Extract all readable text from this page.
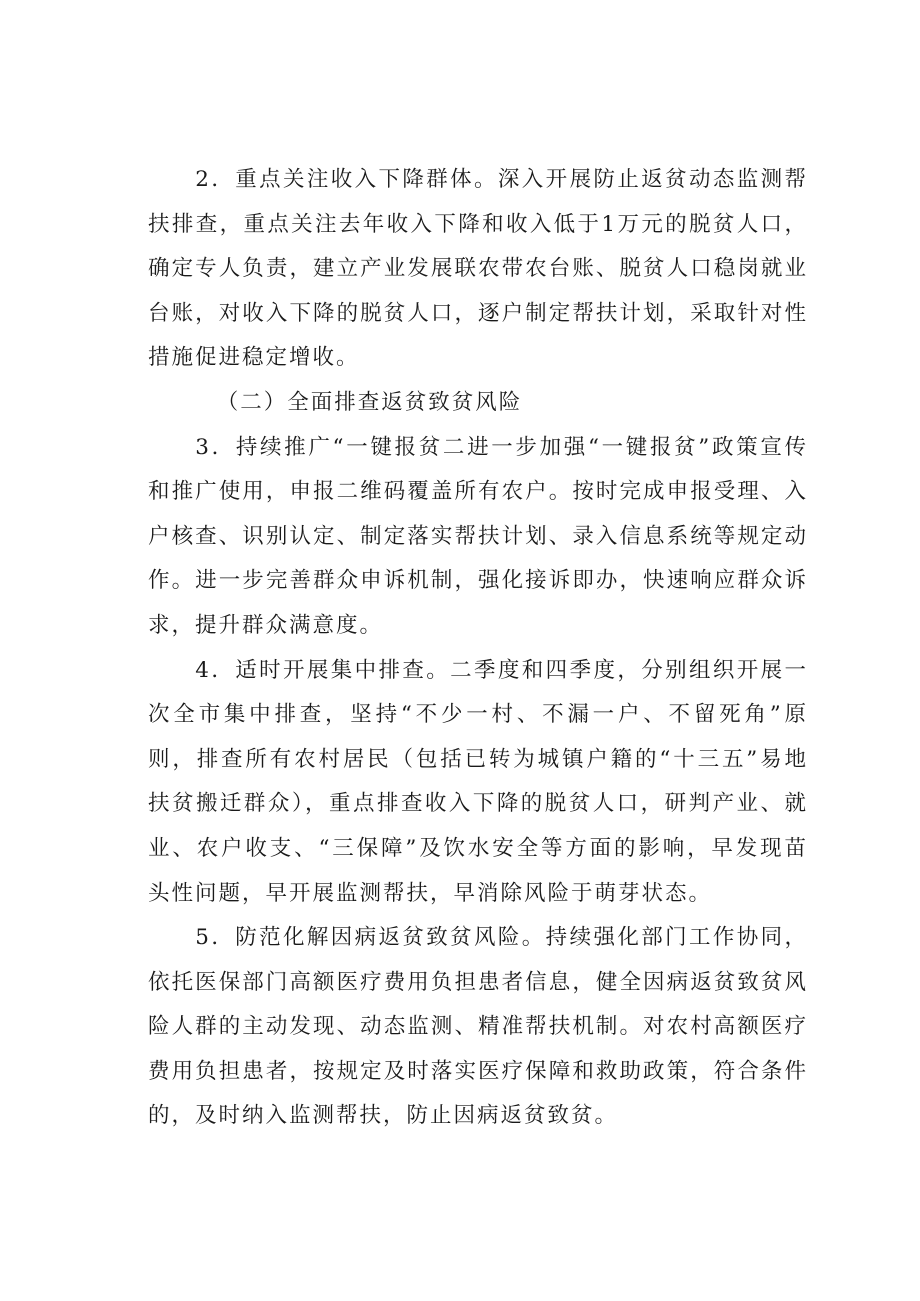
2．重点关注收入下降群体。深入开展防止返贫动态监测帮扶排查，重点关注去年收入下降和收入低于1万元的脱贫人口，确定专人负责，建立产业发展联农带农台账、脱贫人口稳岗就业台账，对收入下降的脱贫人口，逐户制定帮扶计划，采取针对性措施促进稳定增收。

（二）全面排查返贫致贫风险

3．持续推广“一键报贫二进一步加强“一键报贫”政策宣传和推广使用，申报二维码覆盖所有农户。按时完成申报受理、入户核查、识别认定、制定落实帮扶计划、录入信息系统等规定动作。进一步完善群众申诉机制，强化接诉即办，快速响应群众诉求，提升群众满意度。

4．适时开展集中排查。二季度和四季度，分别组织开展一次全市集中排查，坚持“不少一村、不漏一户、不留死角”原则，排查所有农村居民（包括已转为城镇户籍的“十三五”易地扶贫搬迁群众），重点排查收入下降的脱贫人口，研判产业、就业、农户收支、“三保障”及饮水安全等方面的影响，早发现苗头性问题，早开展监测帮扶，早消除风险于萌芽状态。

5．防范化解因病返贫致贫风险。持续强化部门工作协同，依托医保部门高额医疗费用负担患者信息，健全因病返贫致贫风险人群的主动发现、动态监测、精准帮扶机制。对农村高额医疗费用负担患者，按规定及时落实医疗保障和救助政策，符合条件的，及时纳入监测帮扶，防止因病返贫致贫。
